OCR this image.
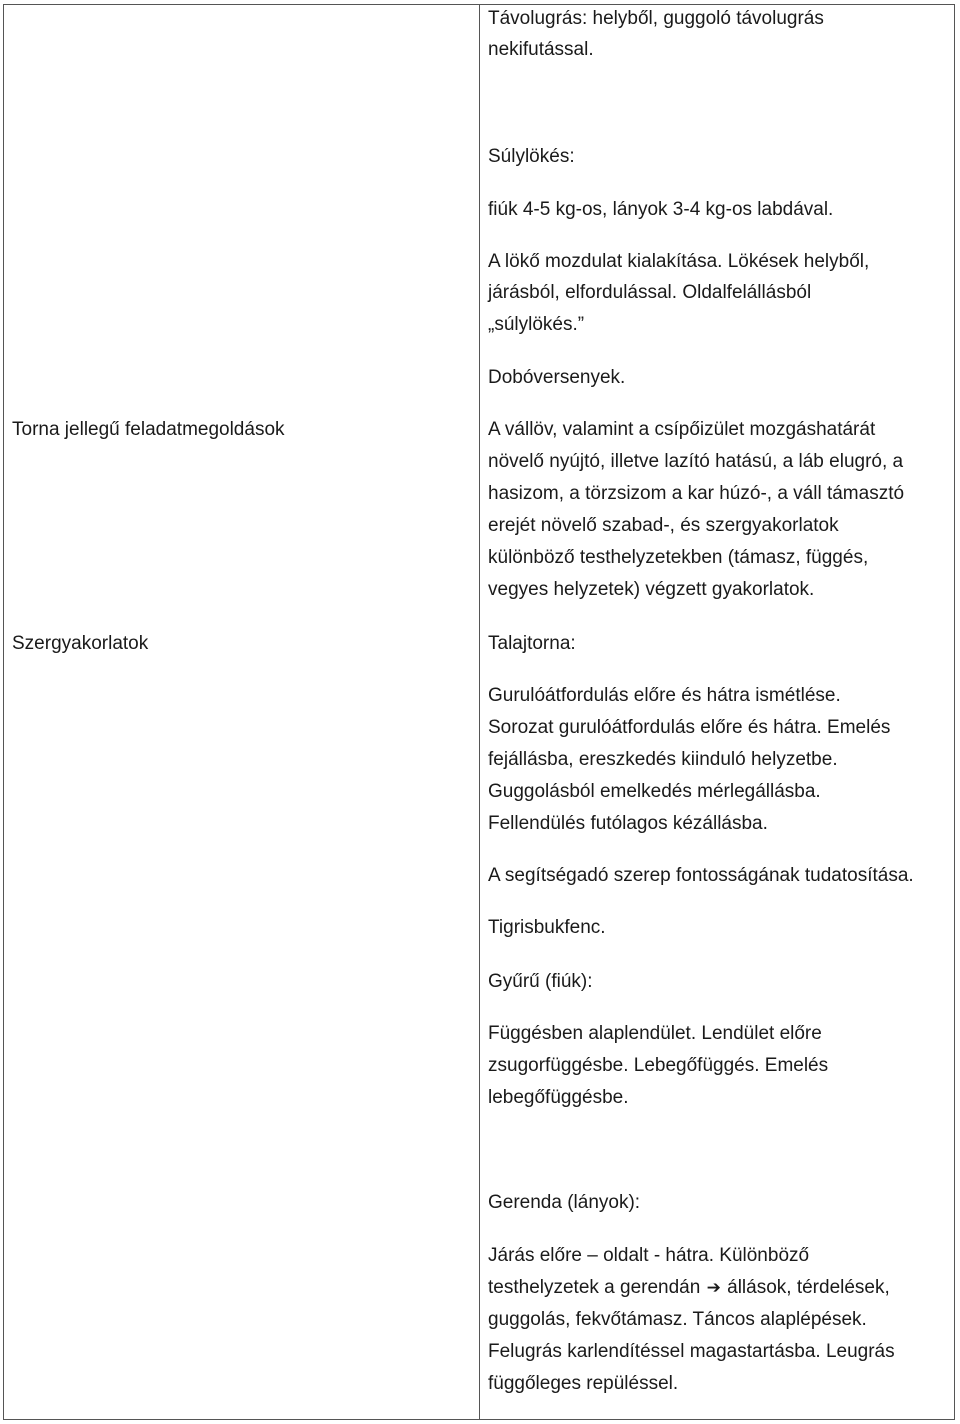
Torna jellegű feladatmegoldások
Szergyakorlatok
Távolugrás: helyből, guggoló távolugrás
nekifutással.
Súlylökés:
fiúk 4-5 kg-os, lányok 3-4 kg-os labdával.
A lökő mozdulat kialakítása. Lökések helyből,
járásból, elfordulással. Oldalfelállásból
„súlylökés.”
Dobóversenyek.
A vállöv, valamint a csípőizület mozgáshatárát
növelő nyújtó, illetve lazító hatású, a láb elugró, a
hasizom, a törzsizom a kar húzó-, a váll támasztó
erejét növelő szabad-, és szergyakorlatok
különböző testhelyzetekben (támasz, függés,
vegyes helyzetek) végzett gyakorlatok.
Talajtorna:
Gurulóátfordulás előre és hátra ismétlése.
Sorozat gurulóátfordulás előre és hátra. Emelés
fejállásba, ereszkedés kiinduló helyzetbe.
Guggolásból emelkedés mérlegállásba.
Fellendülés futólagos kézállásba.
A segítségadó szerep fontosságának tudatosítása.
Tigrisbukfenc.
Gyűrű (fiúk):
Függésben alaplendület. Lendület előre
zsugorfüggésbe. Lebegőfüggés. Emelés
lebegőfüggésbe.
Gerenda (lányok):
Járás előre – oldalt - hátra. Különböző
testhelyzetek a gerendán ➔ állások, térdelések,
guggolás, fekvőtámasz. Táncos alaplépések.
Felugrás karlendítéssel magastartásba. Leugrás
függőleges repüléssel.
